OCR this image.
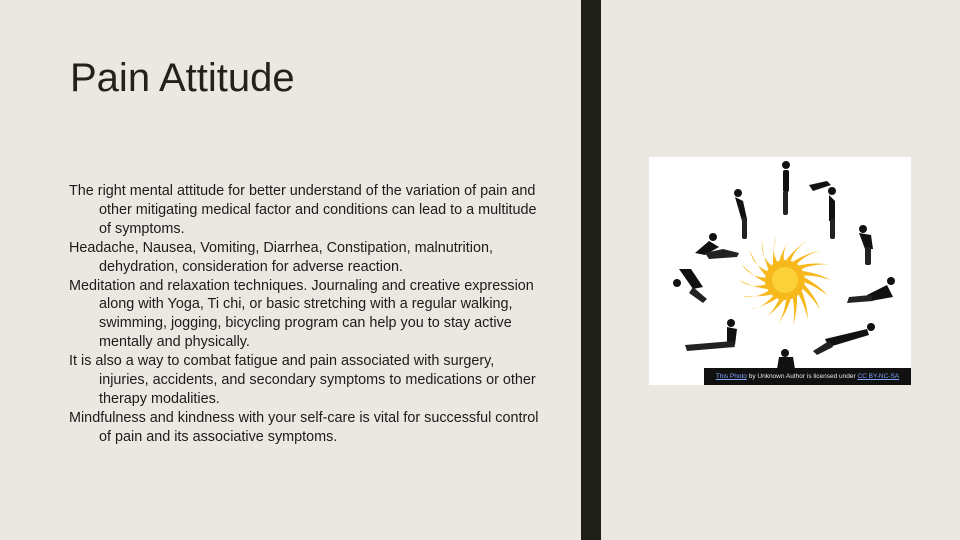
Pain Attitude

The right mental attitude for better understand of the variation of pain and other mitigating medical factor and conditions can lead to a multitude of symptoms.

Headache, Nausea, Vomiting, Diarrhea, Constipation, malnutrition, dehydration, consideration for adverse reaction.

Meditation and relaxation techniques. Journaling and creative expression along with Yoga, Ti chi, or basic stretching with a regular walking, swimming, jogging, bicycling program can help you to stay active mentally and physically.

It is also a way to combat fatigue and pain associated with surgery, injuries, accidents, and secondary symptoms to medications or other therapy modalities.

Mindfulness and kindness with your self-care is vital for successful control of pain and its associative symptoms.

This Photo by Unknown Author is licensed under CC BY-NC-SA
